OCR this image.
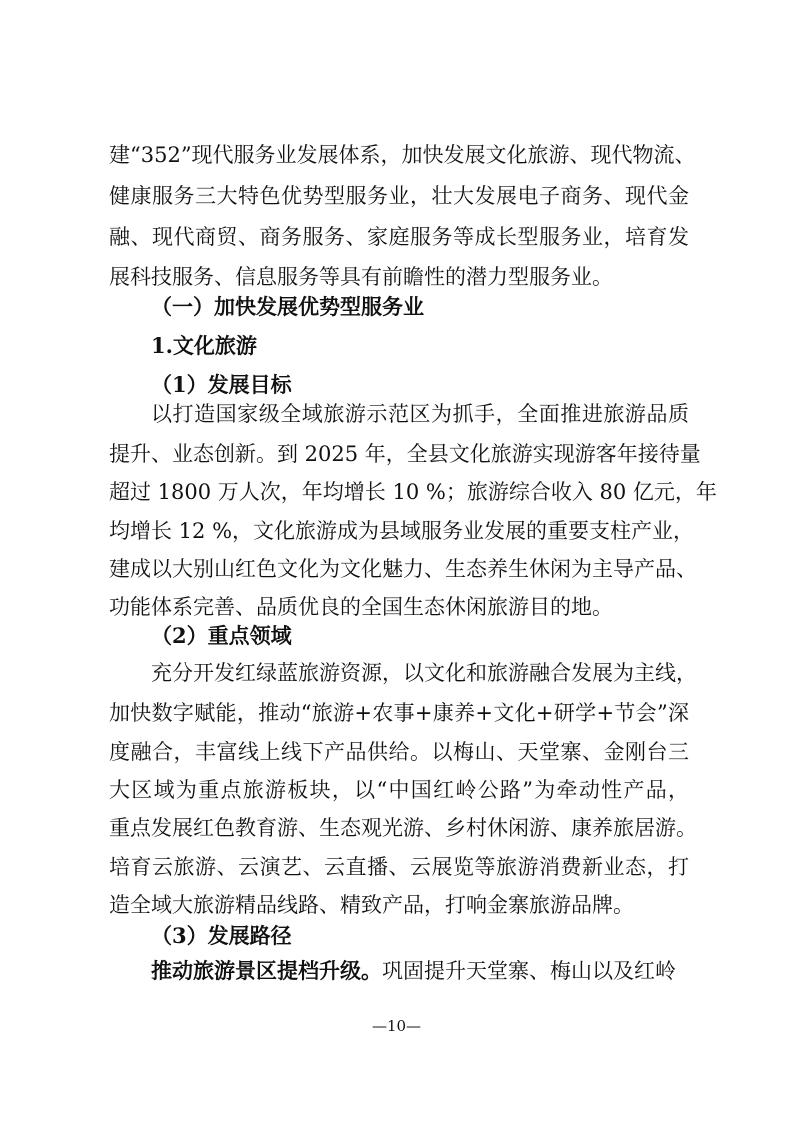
建“352”现代服务业发展体系，加快发展文化旅游、现代物流、
健康服务三大特色优势型服务业，壮大发展电子商务、现代金
融、现代商贸、商务服务、家庭服务等成长型服务业，培育发
展科技服务、信息服务等具有前瞻性的潜力型服务业。
（一）加快发展优势型服务业
1.文化旅游
（1）发展目标
以打造国家级全域旅游示范区为抓手，全面推进旅游品质
提升、业态创新。到 2025 年，全县文化旅游实现游客年接待量
超过 1800 万人次，年均增长 10 %；旅游综合收入 80 亿元，年
均增长 12 %，文化旅游成为县域服务业发展的重要支柱产业，
建成以大别山红色文化为文化魅力、生态养生休闲为主导产品、
功能体系完善、品质优良的全国生态休闲旅游目的地。
（2）重点领域
充分开发红绿蓝旅游资源，以文化和旅游融合发展为主线，
加快数字赋能，推动“旅游+农事+康养+文化+研学+节会”深
度融合，丰富线上线下产品供给。以梅山、天堂寨、金刚台三
大区域为重点旅游板块，以“中国红岭公路”为牵动性产品，
重点发展红色教育游、生态观光游、乡村休闲游、康养旅居游。
培育云旅游、云演艺、云直播、云展览等旅游消费新业态，打
造全域大旅游精品线路、精致产品，打响金寨旅游品牌。
（3）发展路径
推动旅游景区提档升级。巩固提升天堂寨、梅山以及红岭
—10—
